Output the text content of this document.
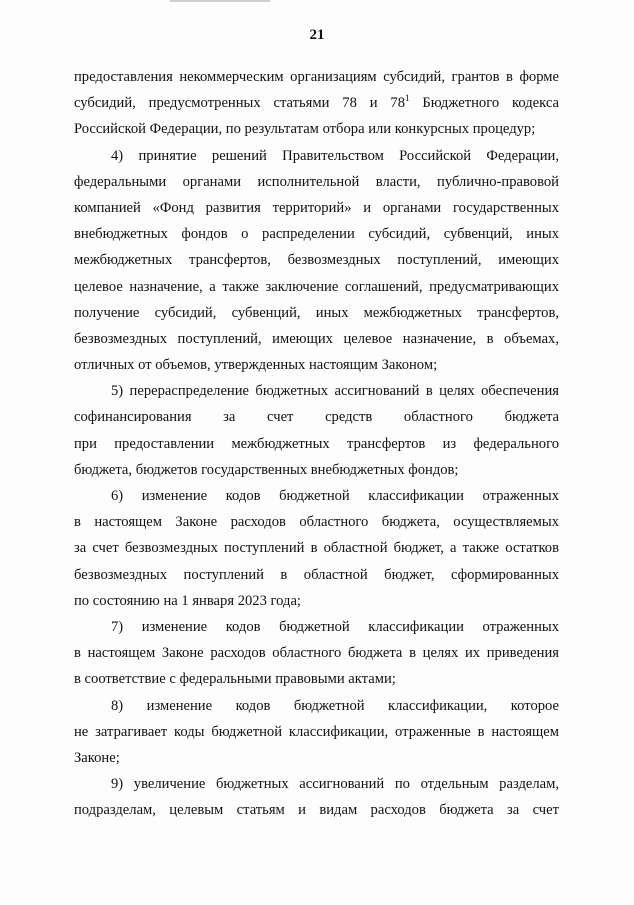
21
предоставления некоммерческим организациям субсидий, грантов в форме
субсидий, предусмотренных статьями 78 и $78^1$ Бюджетного кодекса
Российской Федерации, по результатам отбора или конкурсных процедур;
4) принятие решений Правительством Российской Федерации,
федеральными органами исполнительной власти, публично-правовой
компанией «Фонд развития территорий» и органами государственных
внебюджетных фондов о распределении субсидий, субвенций, иных
межбюджетных трансфертов, безвозмездных поступлений, имеющих
целевое назначение, а также заключение соглашений, предусматривающих
получение субсидий, субвенций, иных межбюджетных трансфертов,
безвозмездных поступлений, имеющих целевое назначение, в объемах,
отличных от объемов, утвержденных настоящим Законом;
5) перераспределение бюджетных ассигнований в целях обеспечения
софинансирования за счет средств областного бюджета
при предоставлении межбюджетных трансфертов из федерального
бюджета, бюджетов государственных внебюджетных фондов;
6) изменение кодов бюджетной классификации отраженных
в настоящем Законе расходов областного бюджета, осуществляемых
за счет безвозмездных поступлений в областной бюджет, а также остатков
безвозмездных поступлений в областной бюджет, сформированных
по состоянию на 1 января 2023 года;
7) изменение кодов бюджетной классификации отраженных
в настоящем Законе расходов областного бюджета в целях их приведения
в соответствие с федеральными правовыми актами;
8) изменение кодов бюджетной классификации, которое
не затрагивает коды бюджетной классификации, отраженные в настоящем
Законе;
9) увеличение бюджетных ассигнований по отдельным разделам,
подразделам, целевым статьям и видам расходов бюджета за счет
